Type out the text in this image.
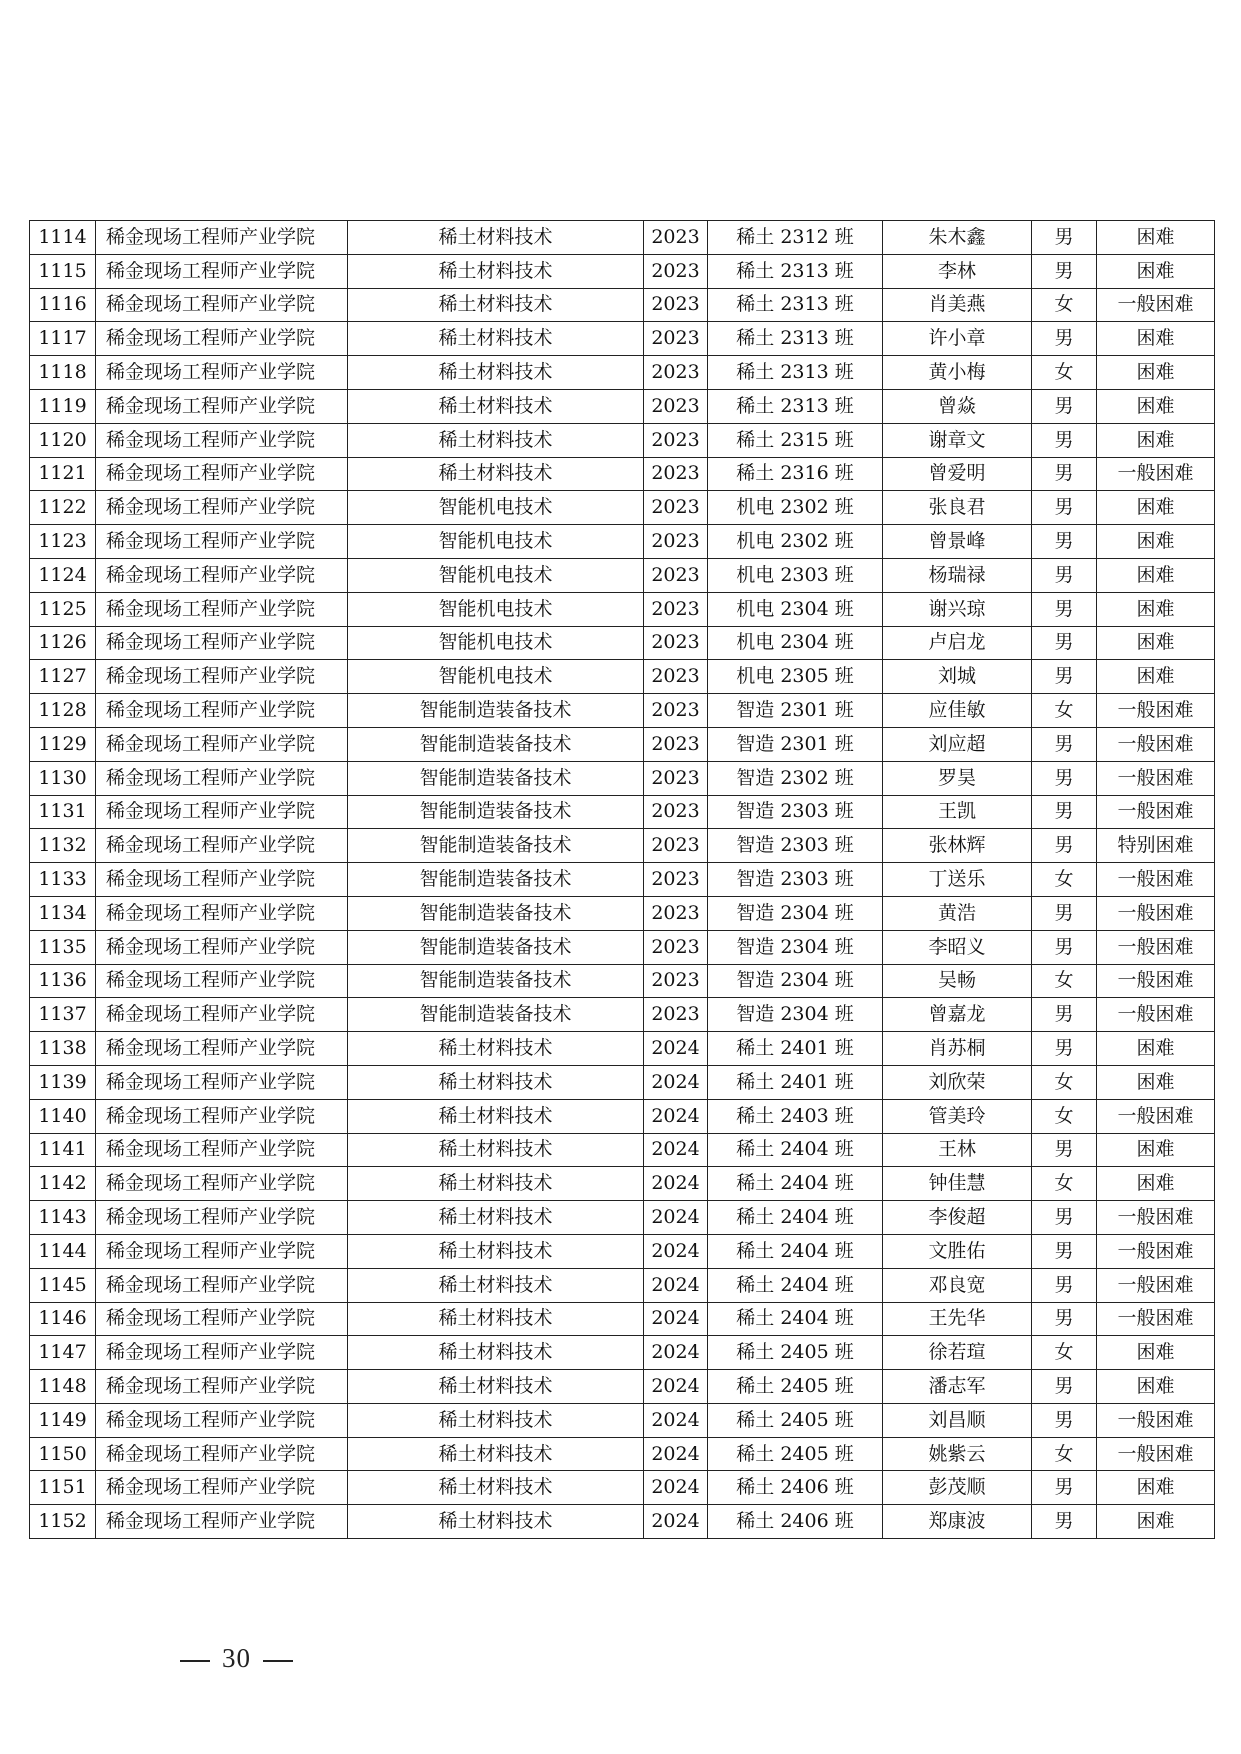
1114	稀金现场工程师产业学院	稀土材料技术	2023	稀土 2312 班	朱木鑫	男	困难
1115	稀金现场工程师产业学院	稀土材料技术	2023	稀土 2313 班	李林	男	困难
1116	稀金现场工程师产业学院	稀土材料技术	2023	稀土 2313 班	肖美燕	女	一般困难
1117	稀金现场工程师产业学院	稀土材料技术	2023	稀土 2313 班	许小章	男	困难
1118	稀金现场工程师产业学院	稀土材料技术	2023	稀土 2313 班	黄小梅	女	困难
1119	稀金现场工程师产业学院	稀土材料技术	2023	稀土 2313 班	曾焱	男	困难
1120	稀金现场工程师产业学院	稀土材料技术	2023	稀土 2315 班	谢章文	男	困难
1121	稀金现场工程师产业学院	稀土材料技术	2023	稀土 2316 班	曾爱明	男	一般困难
1122	稀金现场工程师产业学院	智能机电技术	2023	机电 2302 班	张良君	男	困难
1123	稀金现场工程师产业学院	智能机电技术	2023	机电 2302 班	曾景峰	男	困难
1124	稀金现场工程师产业学院	智能机电技术	2023	机电 2303 班	杨瑞禄	男	困难
1125	稀金现场工程师产业学院	智能机电技术	2023	机电 2304 班	谢兴琼	男	困难
1126	稀金现场工程师产业学院	智能机电技术	2023	机电 2304 班	卢启龙	男	困难
1127	稀金现场工程师产业学院	智能机电技术	2023	机电 2305 班	刘城	男	困难
1128	稀金现场工程师产业学院	智能制造装备技术	2023	智造 2301 班	应佳敏	女	一般困难
1129	稀金现场工程师产业学院	智能制造装备技术	2023	智造 2301 班	刘应超	男	一般困难
1130	稀金现场工程师产业学院	智能制造装备技术	2023	智造 2302 班	罗昊	男	一般困难
1131	稀金现场工程师产业学院	智能制造装备技术	2023	智造 2303 班	王凯	男	一般困难
1132	稀金现场工程师产业学院	智能制造装备技术	2023	智造 2303 班	张林辉	男	特别困难
1133	稀金现场工程师产业学院	智能制造装备技术	2023	智造 2303 班	丁送乐	女	一般困难
1134	稀金现场工程师产业学院	智能制造装备技术	2023	智造 2304 班	黄浩	男	一般困难
1135	稀金现场工程师产业学院	智能制造装备技术	2023	智造 2304 班	李昭义	男	一般困难
1136	稀金现场工程师产业学院	智能制造装备技术	2023	智造 2304 班	吴畅	女	一般困难
1137	稀金现场工程师产业学院	智能制造装备技术	2023	智造 2304 班	曾嘉龙	男	一般困难
1138	稀金现场工程师产业学院	稀土材料技术	2024	稀土 2401 班	肖苏桐	男	困难
1139	稀金现场工程师产业学院	稀土材料技术	2024	稀土 2401 班	刘欣荣	女	困难
1140	稀金现场工程师产业学院	稀土材料技术	2024	稀土 2403 班	管美玲	女	一般困难
1141	稀金现场工程师产业学院	稀土材料技术	2024	稀土 2404 班	王林	男	困难
1142	稀金现场工程师产业学院	稀土材料技术	2024	稀土 2404 班	钟佳慧	女	困难
1143	稀金现场工程师产业学院	稀土材料技术	2024	稀土 2404 班	李俊超	男	一般困难
1144	稀金现场工程师产业学院	稀土材料技术	2024	稀土 2404 班	文胜佑	男	一般困难
1145	稀金现场工程师产业学院	稀土材料技术	2024	稀土 2404 班	邓良宽	男	一般困难
1146	稀金现场工程师产业学院	稀土材料技术	2024	稀土 2404 班	王先华	男	一般困难
1147	稀金现场工程师产业学院	稀土材料技术	2024	稀土 2405 班	徐若瑄	女	困难
1148	稀金现场工程师产业学院	稀土材料技术	2024	稀土 2405 班	潘志军	男	困难
1149	稀金现场工程师产业学院	稀土材料技术	2024	稀土 2405 班	刘昌顺	男	一般困难
1150	稀金现场工程师产业学院	稀土材料技术	2024	稀土 2405 班	姚紫云	女	一般困难
1151	稀金现场工程师产业学院	稀土材料技术	2024	稀土 2406 班	彭茂顺	男	困难
1152	稀金现场工程师产业学院	稀土材料技术	2024	稀土 2406 班	郑康波	男	困难
30
